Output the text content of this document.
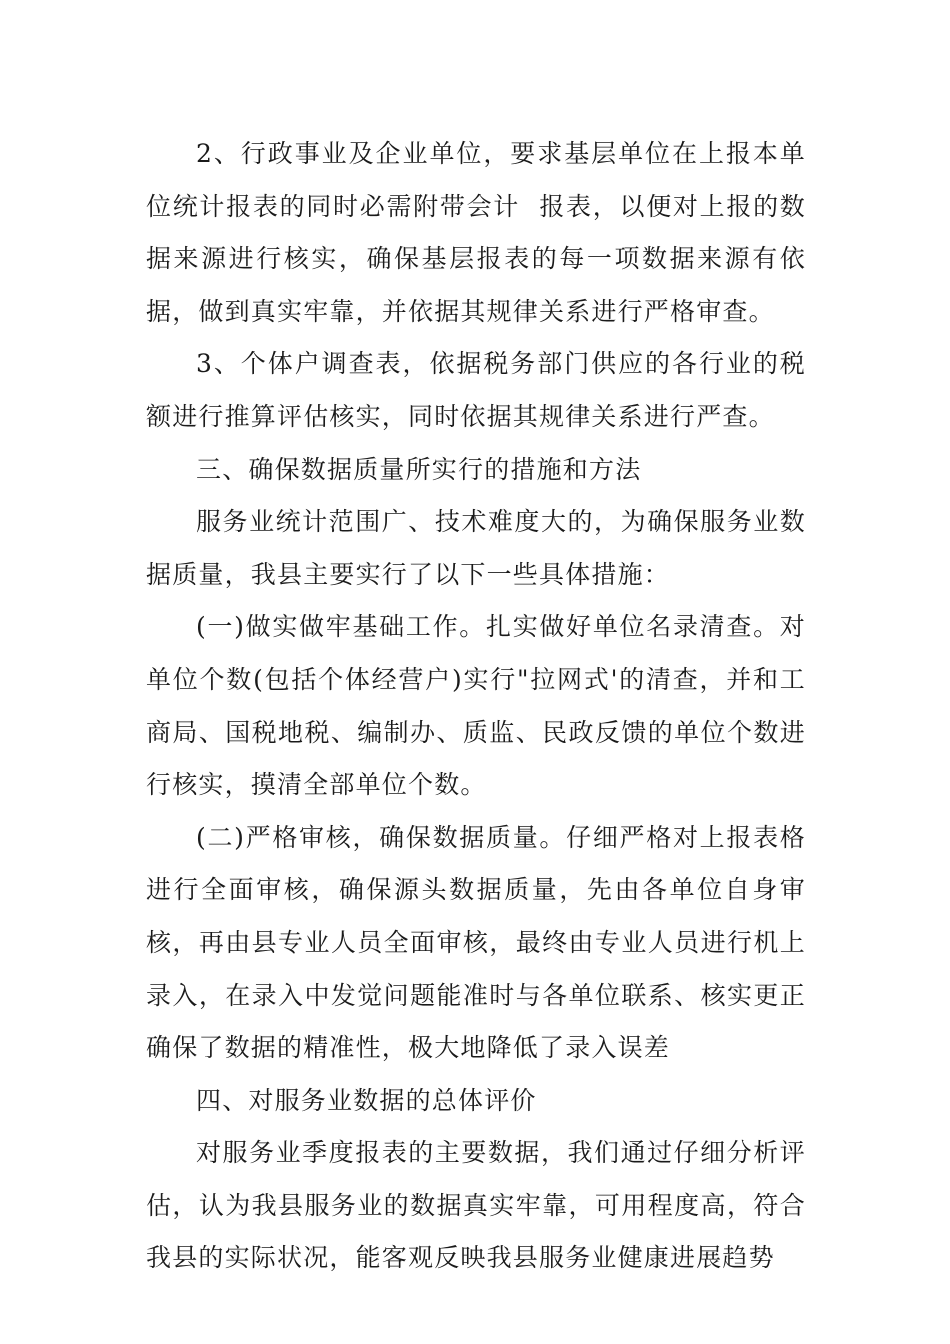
2、行政事业及企业单位，要求基层单位在上报本单位统计报表的同时必需附带会计  报表，以便对上报的数据来源进行核实，确保基层报表的每一项数据来源有依据，做到真实牢靠，并依据其规律关系进行严格审查。

3、个体户调查表，依据税务部门供应的各行业的税额进行推算评估核实，同时依据其规律关系进行严查。

三、确保数据质量所实行的措施和方法

服务业统计范围广、技术难度大的，为确保服务业数据质量，我县主要实行了以下一些具体措施：

(一)做实做牢基础工作。扎实做好单位名录清查。对单位个数(包括个体经营户)实行"拉网式'的清查，并和工商局、国税地税、编制办、质监、民政反馈的单位个数进行核实，摸清全部单位个数。

(二)严格审核，确保数据质量。仔细严格对上报表格进行全面审核，确保源头数据质量，先由各单位自身审核，再由县专业人员全面审核，最终由专业人员进行机上录入，在录入中发觉问题能准时与各单位联系、核实更正确保了数据的精准性，极大地降低了录入误差

四、对服务业数据的总体评价

对服务业季度报表的主要数据，我们通过仔细分析评估，认为我县服务业的数据真实牢靠，可用程度高，符合我县的实际状况，能客观反映我县服务业健康进展趋势
